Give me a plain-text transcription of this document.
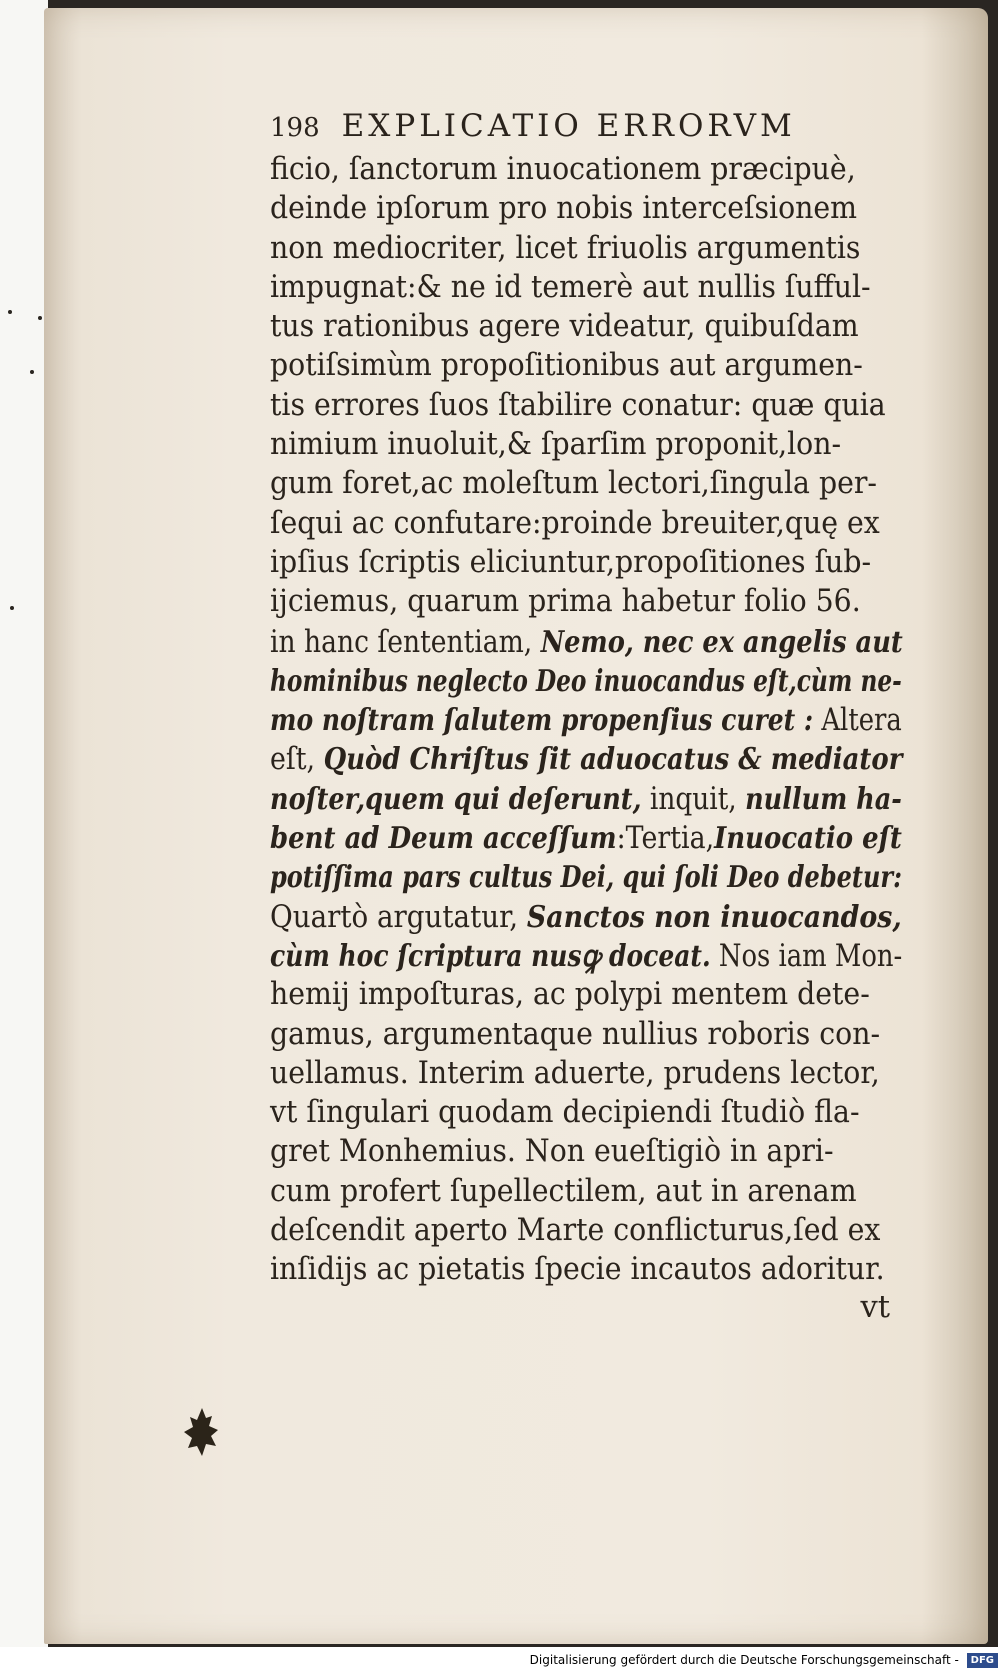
198 EXPLICATIO ERRORVM
ficio, ſanctorum inuocationem præcipuè,
deinde ipſorum pro nobis interceſsionem
non mediocriter, licet friuolis argumentis
impugnat:& ne id temerè aut nullis ſufful-
tus rationibus agere videatur, quibuſdam
potiſsimùm propoſitionibus aut argumen-
tis errores ſuos ſtabilire conatur: quæ quia
nimium inuoluit,& ſparſim proponit,lon-
gum foret,ac moleſtum lectori,ſingula per-
ſequi ac confutare:proinde breuiter,quę ex
ipſius ſcriptis eliciuntur,propoſitiones ſub-
ijciemus, quarum prima habetur folio 56.
in hanc ſententiam, Nemo, nec ex angelis aut
hominibus neglecto Deo inuocandus eſt,cùm ne-
mo noſtram ſalutem propenſius curet : Altera
eſt, Quòd Chriſtus ſit aduocatus & mediator
noſter,quem qui deſerunt, inquit, nullum ha-
bent ad Deum acceſſum:Tertia,Inuocatio eſt
potiſſima pars cultus Dei, qui ſoli Deo debetur:
Quartò argutatur, Sanctos non inuocandos,
cùm hoc ſcriptura nusꝙ doceat. Nos iam Mon-
hemij impoſturas, ac polypi mentem dete-
gamus, argumentaque nullius roboris con-
uellamus. Interim aduerte, prudens lector,
vt ſingulari quodam decipiendi ſtudiò fla-
gret Monhemius. Non eueſtigiò in apri-
cum profert ſupellectilem, aut in arenam
deſcendit aperto Marte conflicturus,ſed ex
inſidijs ac pietatis ſpecie incautos adoritur.
vt
Digitalisierung gefördert durch die Deutsche Forschungsgemeinschaft - DFG
